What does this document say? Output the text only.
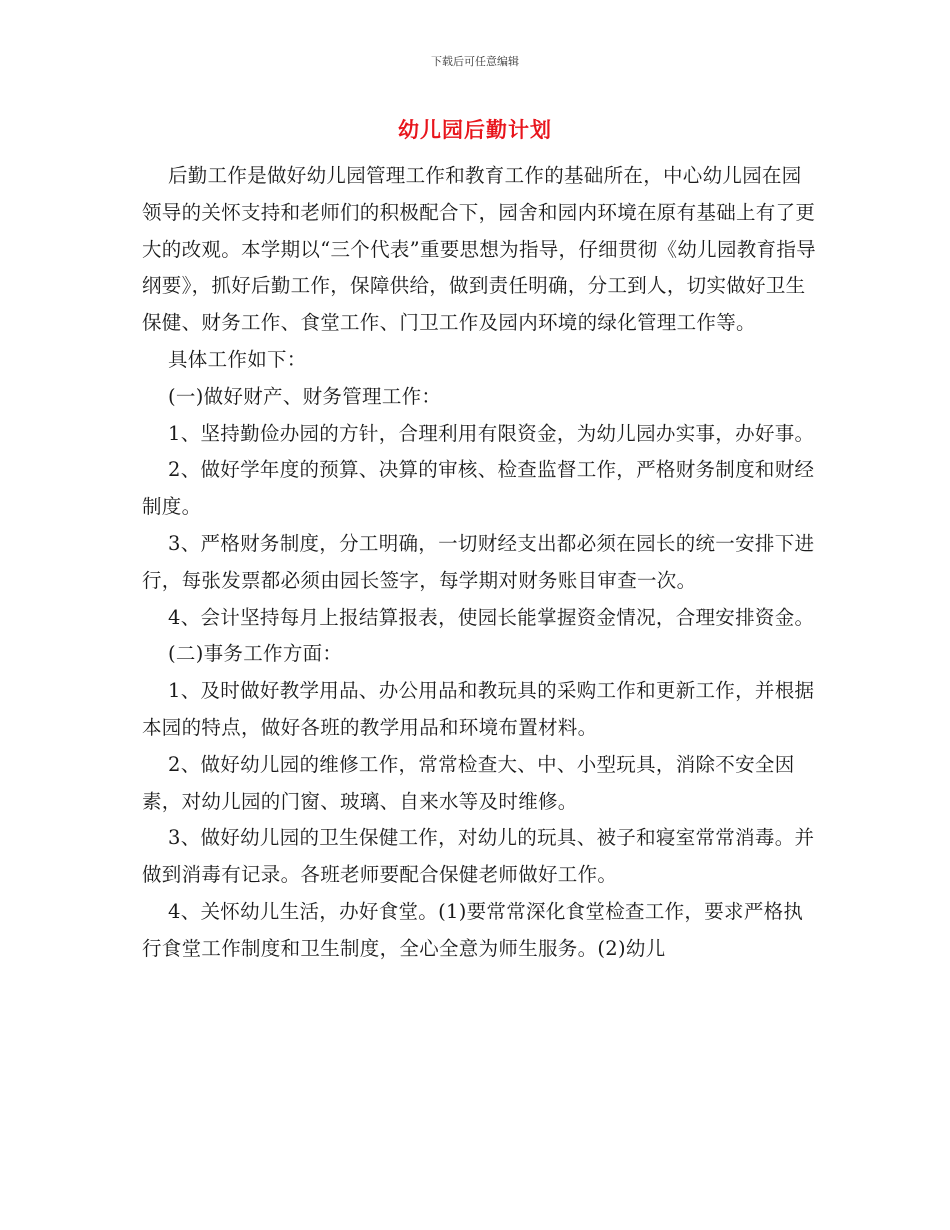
下载后可任意编辑
幼儿园后勤计划

后勤工作是做好幼儿园管理工作和教育工作的基础所在，中心幼儿园在园领导的关怀支持和老师们的积极配合下，园舍和园内环境在原有基础上有了更大的改观。本学期以“三个代表”重要思想为指导，仔细贯彻《幼儿园教育指导纲要》，抓好后勤工作，保障供给，做到责任明确，分工到人，切实做好卫生保健、财务工作、食堂工作、门卫工作及园内环境的绿化管理工作等。

具体工作如下：

(一)做好财产、财务管理工作：

1、坚持勤俭办园的方针，合理利用有限资金，为幼儿园办实事，办好事。

2、做好学年度的预算、决算的审核、检查监督工作，严格财务制度和财经制度。

3、严格财务制度，分工明确，一切财经支出都必须在园长的统一安排下进行，每张发票都必须由园长签字，每学期对财务账目审查一次。

4、会计坚持每月上报结算报表，使园长能掌握资金情况，合理安排资金。

(二)事务工作方面：

1、及时做好教学用品、办公用品和教玩具的采购工作和更新工作，并根据本园的特点，做好各班的教学用品和环境布置材料。

2、做好幼儿园的维修工作，常常检查大、中、小型玩具，消除不安全因素，对幼儿园的门窗、玻璃、自来水等及时维修。

3、做好幼儿园的卫生保健工作，对幼儿的玩具、被子和寝室常常消毒。并做到消毒有记录。各班老师要配合保健老师做好工作。

4、关怀幼儿生活，办好食堂。(1)要常常深化食堂检查工作，要求严格执行食堂工作制度和卫生制度，全心全意为师生服务。(2)幼儿
